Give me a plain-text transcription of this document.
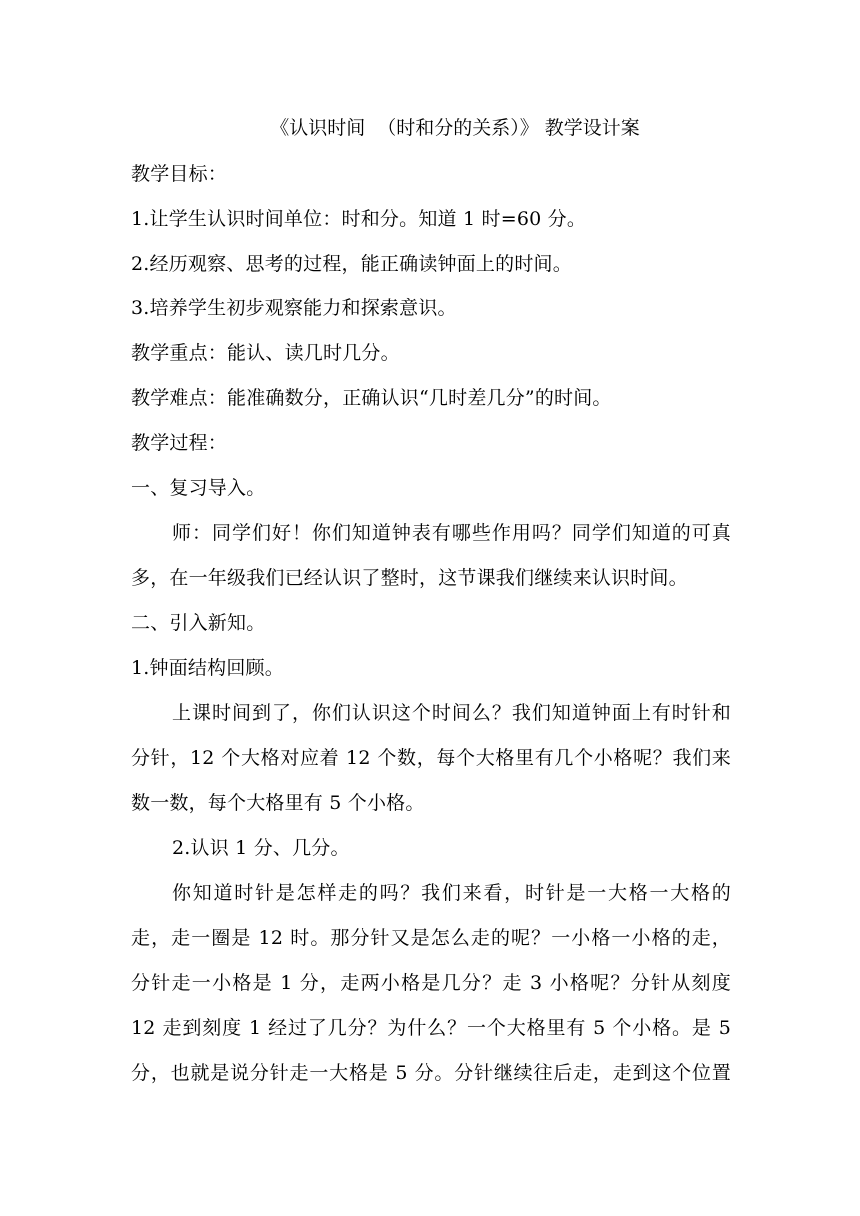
《认识时间  （时和分的关系）》 教学设计案
教学目标：
1.让学生认识时间单位：时和分。知道 1 时=60 分。
2.经历观察、思考的过程，能正确读钟面上的时间。
3.培养学生初步观察能力和探索意识。
教学重点：能认、读几时几分。
教学难点：能准确数分，正确认识“几时差几分”的时间。
教学过程：
一、复习导入。
师：同学们好！你们知道钟表有哪些作用吗？同学们知道的可真
多，在一年级我们已经认识了整时，这节课我们继续来认识时间。
二、引入新知。
1.钟面结构回顾。
上课时间到了，你们认识这个时间么？我们知道钟面上有时针和
分针，12 个大格对应着 12 个数，每个大格里有几个小格呢？我们来
数一数，每个大格里有 5 个小格。
2.认识 1 分、几分。
你知道时针是怎样走的吗？我们来看，时针是一大格一大格的
走，走一圈是 12 时。那分针又是怎么走的呢？一小格一小格的走，
分针走一小格是 1 分，走两小格是几分？走 3 小格呢？分针从刻度
12 走到刻度 1 经过了几分？为什么？一个大格里有 5 个小格。是 5
分，也就是说分针走一大格是 5 分。分针继续往后走，走到这个位置
